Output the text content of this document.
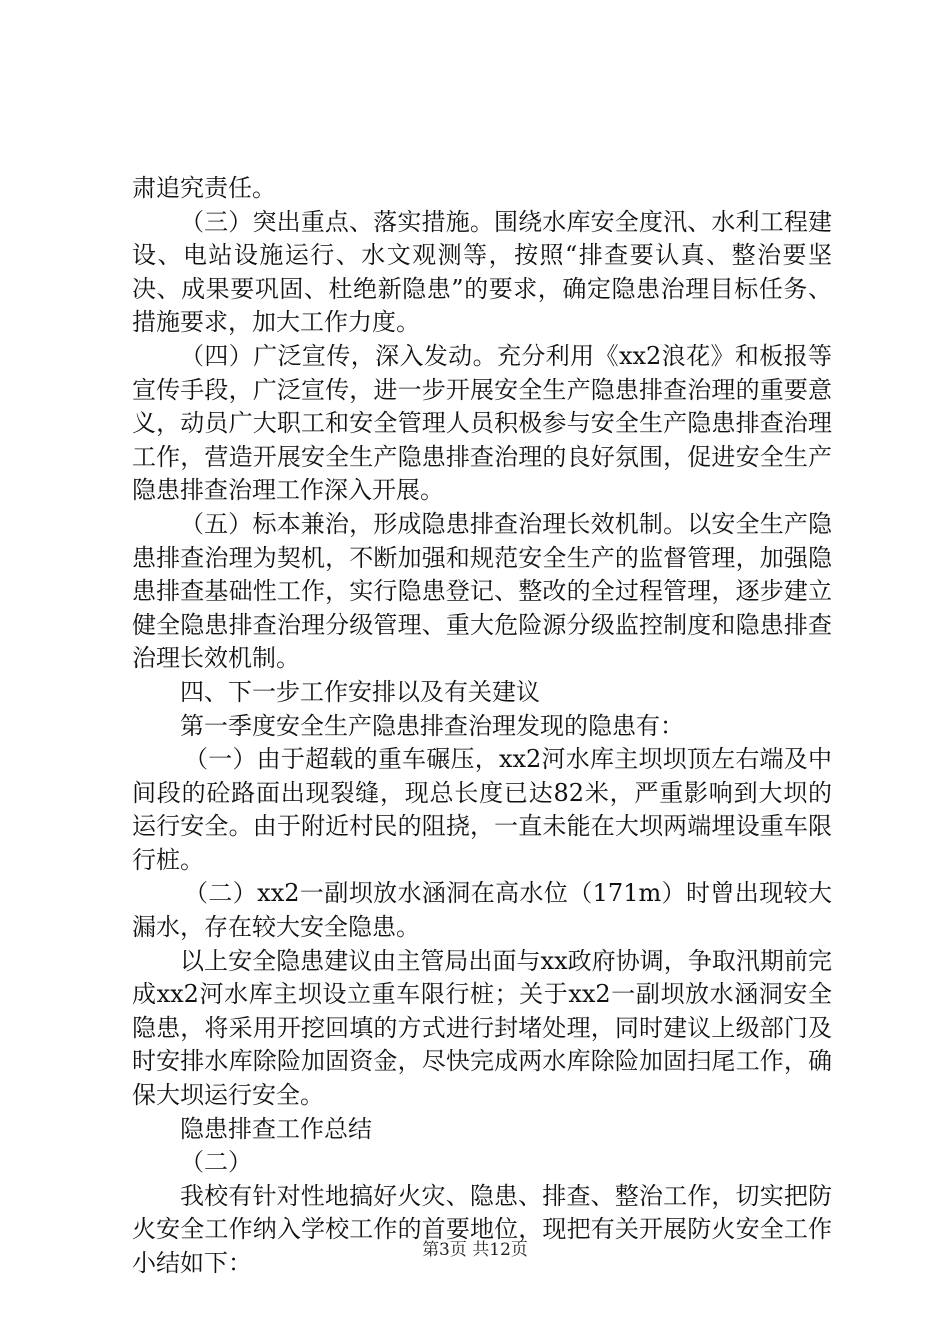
肃追究责任。

（三）突出重点、落实措施。围绕水库安全度汛、水利工程建设、电站设施运行、水文观测等，按照“排查要认真、整治要坚决、成果要巩固、杜绝新隐患”的要求，确定隐患治理目标任务、措施要求，加大工作力度。

（四）广泛宣传，深入发动。充分利用《xx2浪花》和板报等宣传手段，广泛宣传，进一步开展安全生产隐患排查治理的重要意义，动员广大职工和安全管理人员积极参与安全生产隐患排查治理工作，营造开展安全生产隐患排查治理的良好氛围，促进安全生产隐患排查治理工作深入开展。

（五）标本兼治，形成隐患排查治理长效机制。以安全生产隐患排查治理为契机，不断加强和规范安全生产的监督管理，加强隐患排查基础性工作，实行隐患登记、整改的全过程管理，逐步建立健全隐患排查治理分级管理、重大危险源分级监控制度和隐患排查治理长效机制。

四、下一步工作安排以及有关建议

第一季度安全生产隐患排查治理发现的隐患有：

（一）由于超载的重车碾压，xx2河水库主坝坝顶左右端及中间段的砼路面出现裂缝，现总长度已达82米，严重影响到大坝的运行安全。由于附近村民的阻挠，一直未能在大坝两端埋设重车限行桩。

（二）xx2一副坝放水涵洞在高水位（171m）时曾出现较大漏水，存在较大安全隐患。

以上安全隐患建议由主管局出面与xx政府协调，争取汛期前完成xx2河水库主坝设立重车限行桩；关于xx2一副坝放水涵洞安全隐患，将采用开挖回填的方式进行封堵处理，同时建议上级部门及时安排水库除险加固资金，尽快完成两水库除险加固扫尾工作，确保大坝运行安全。

隐患排查工作总结

（二）

我校有针对性地搞好火灾、隐患、排查、整治工作，切实把防火安全工作纳入学校工作的首要地位，现把有关开展防火安全工作小结如下：	第3页 共12页
